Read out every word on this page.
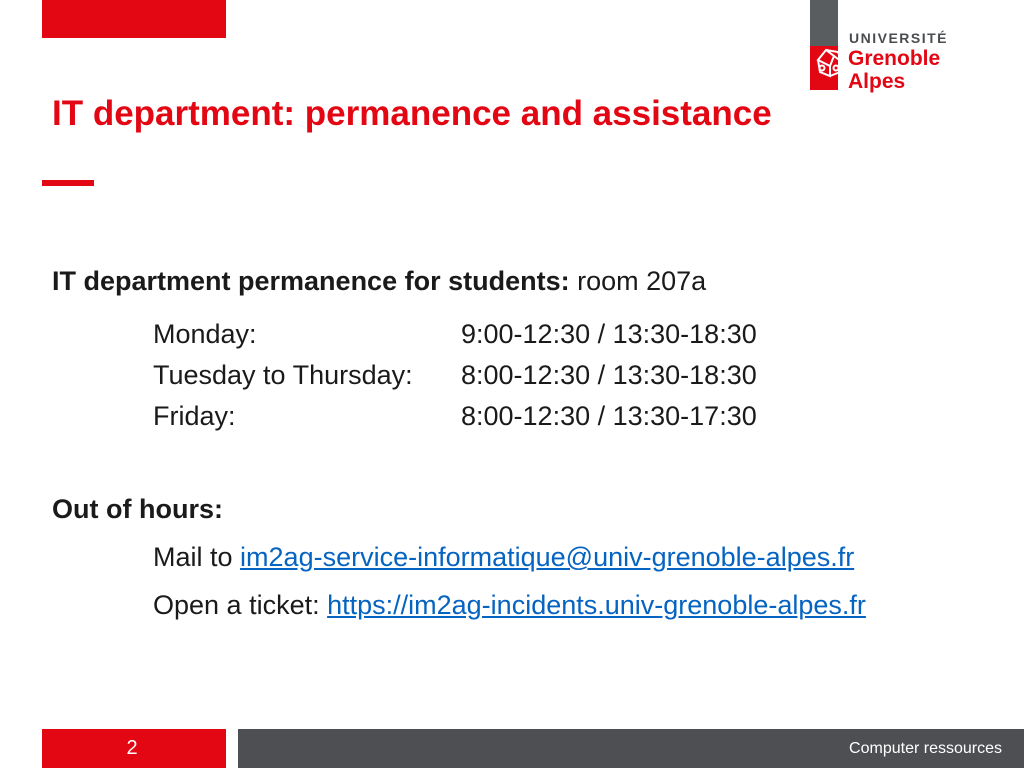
UNIVERSITÉ
Grenoble
Alpes
IT department: permanence and assistance
IT department permanence for students: room 207a
Monday:	9:00-12:30 / 13:30-18:30
Tuesday to Thursday: 8:00-12:30 / 13:30-18:30
Friday:	8:00-12:30 / 13:30-17:30
Out of hours:
Mail to im2ag-service-informatique@univ-grenoble-alpes.fr
Open a ticket: https://im2ag-incidents.univ-grenoble-alpes.fr
2	Computer ressources
